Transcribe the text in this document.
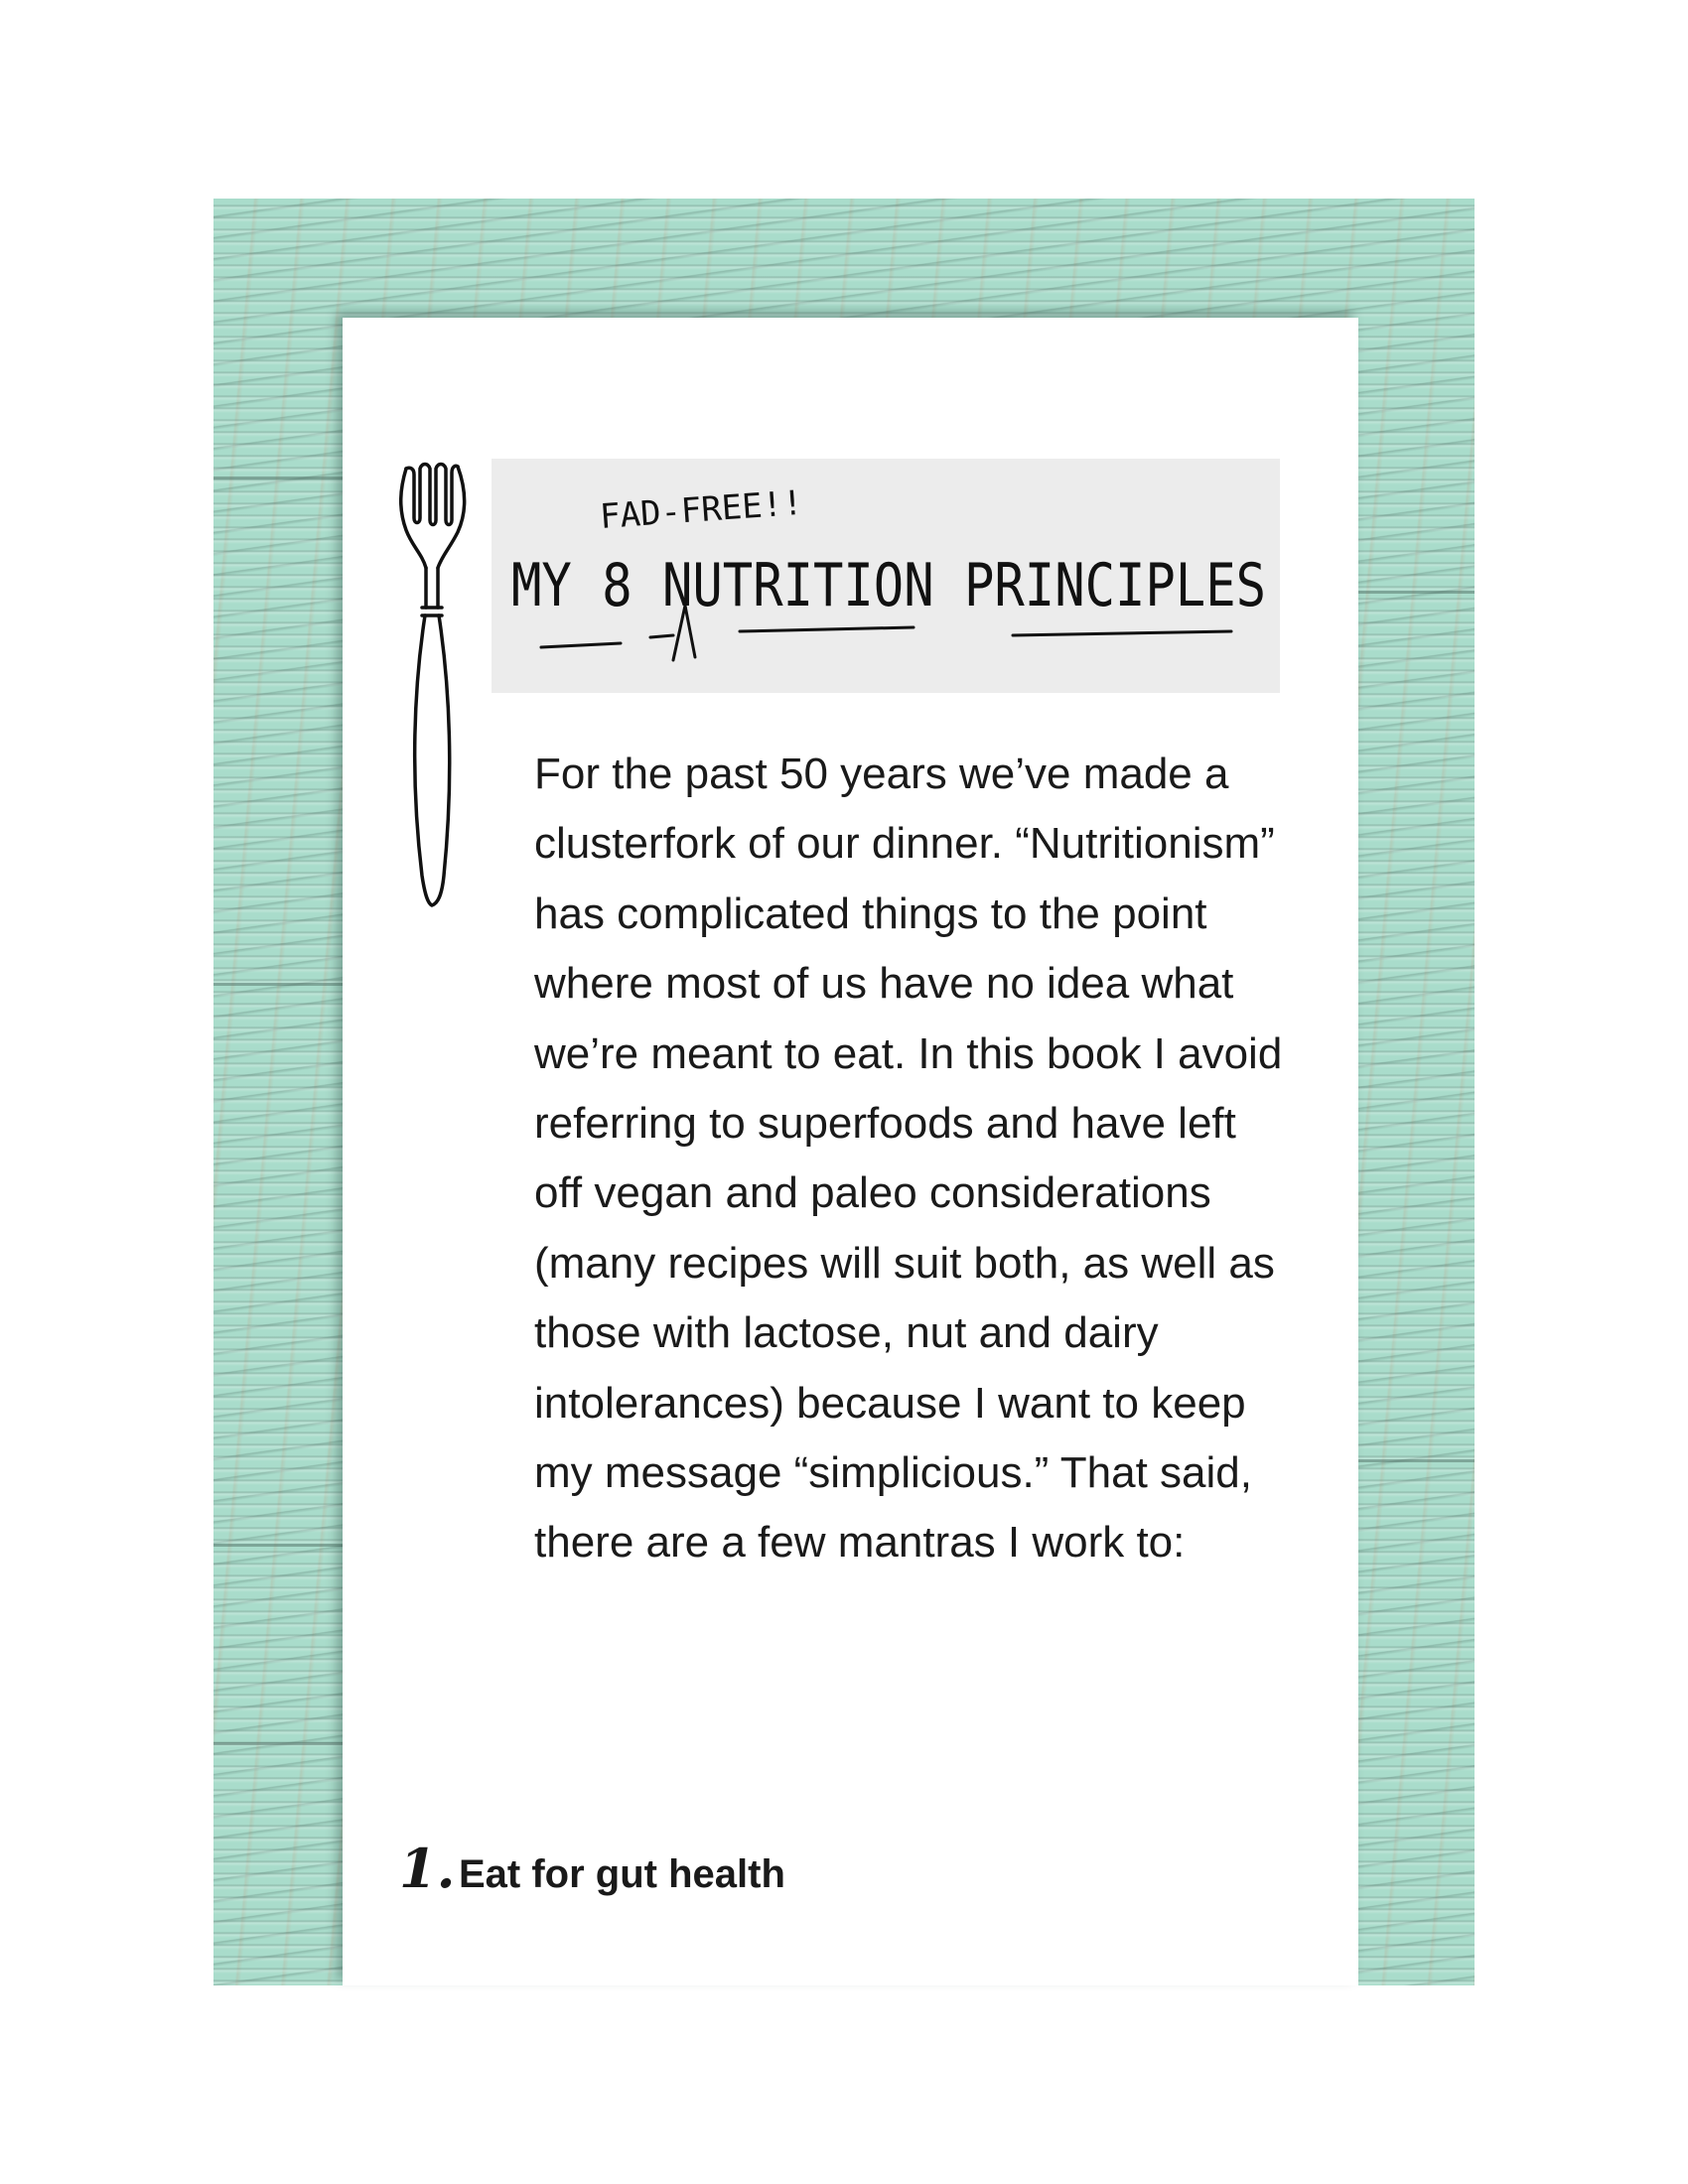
FAD-FREE!!
MY 8 NUTRITION PRINCIPLES

For the past 50 years we’ve made a clusterfork of our dinner. “Nutritionism” has complicated things to the point where most of us have no idea what we’re meant to eat. In this book I avoid referring to superfoods and have left off vegan and paleo considerations (many recipes will suit both, as well as those with lactose, nut and dairy intolerances) because I want to keep my message “simplicious.” That said, there are a few mantras I work to:

1. Eat for gut health
